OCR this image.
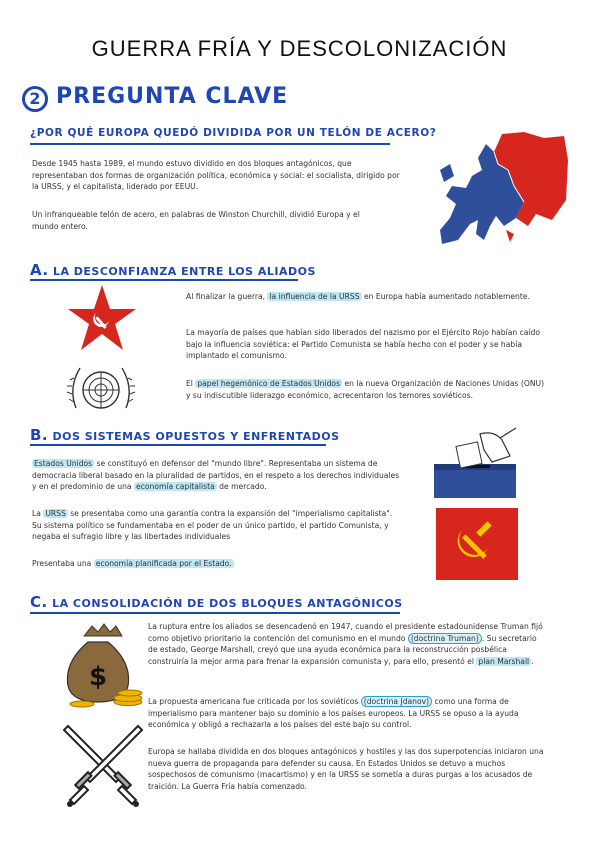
GUERRA FRÍA Y DESCOLONIZACIÓN
2 PREGUNTA CLAVE
¿POR QUÉ EUROPA QUEDÓ DIVIDIDA POR UN TELÓN DE ACERO?
Desde 1945 hasta 1989, el mundo estuvo dividido en dos bloques antagónicos, que representaban dos formas de organización política, económica y social: el socialista, dirigido por la URSS, y el capitalista, liderado por EEUU.
Un infranqueable telón de acero, en palabras de Winston Churchill, dividió Europa y el mundo entero.
A. LA DESCONFIANZA ENTRE LOS ALIADOS
Al finalizar la guerra, la influencia de la URSS en Europa había aumentado notablemente.
La mayoría de países que habían sido liberados del nazismo por el Ejército Rojo habían caído bajo la influencia soviética: el Partido Comunista se había hecho con el poder y se había implantado el comunismo.
El papel hegemónico de Estados Unidos en la nueva Organización de Naciones Unidas (ONU) y su indiscutible liderazgo económico, acrecentaron los temores soviéticos.
B. DOS SISTEMAS OPUESTOS Y ENFRENTADOS
Estados Unidos se constituyó en defensor del "mundo libre". Representaba un sistema de democracia liberal basado en la pluralidad de partidos, en el respeto a los derechos individuales y en el predominio de una economía capitalista de mercado.
La URSS se presentaba como una garantía contra la expansión del "imperialismo capitalista". Su sistema político se fundamentaba en el poder de un único partido, el partido Comunista, y negaba el sufragio libre y las libertades individuales
Presentaba una economía planificada por el Estado.
C. LA CONSOLIDACIÓN DE DOS BLOQUES ANTAGÓNICOS
La ruptura entre los aliados se desencadenó en 1947, cuando el presidente estadounidense Truman fijó como objetivo prioritario la contención del comunismo en el mundo (doctrina Truman) . Su secretario de estado, George Marshall, creyó que una ayuda económica para la reconstrucción posbélica construiría la mejor arma para frenar la expansión comunista y, para ello, presentó el plan Marshall .
La propuesta americana fue criticada por los soviéticos (doctrina Jdanov) como una forma de imperialismo para mantener bajo su dominio a los países europeos. La URSS se opuso a la ayuda económica y obligó a rechazarla a los países del este bajo su control.
Europa se hallaba dividida en dos bloques antagónicos y hostiles y las dos superpotencias iniciaron una nueva guerra de propaganda para defender su causa. En Estados Unidos se detuvo a muchos sospechosos de comunismo (macartismo) y en la URSS se sometía a duras purgas a los acusados de traición. La Guerra Fría había comenzado.
$
